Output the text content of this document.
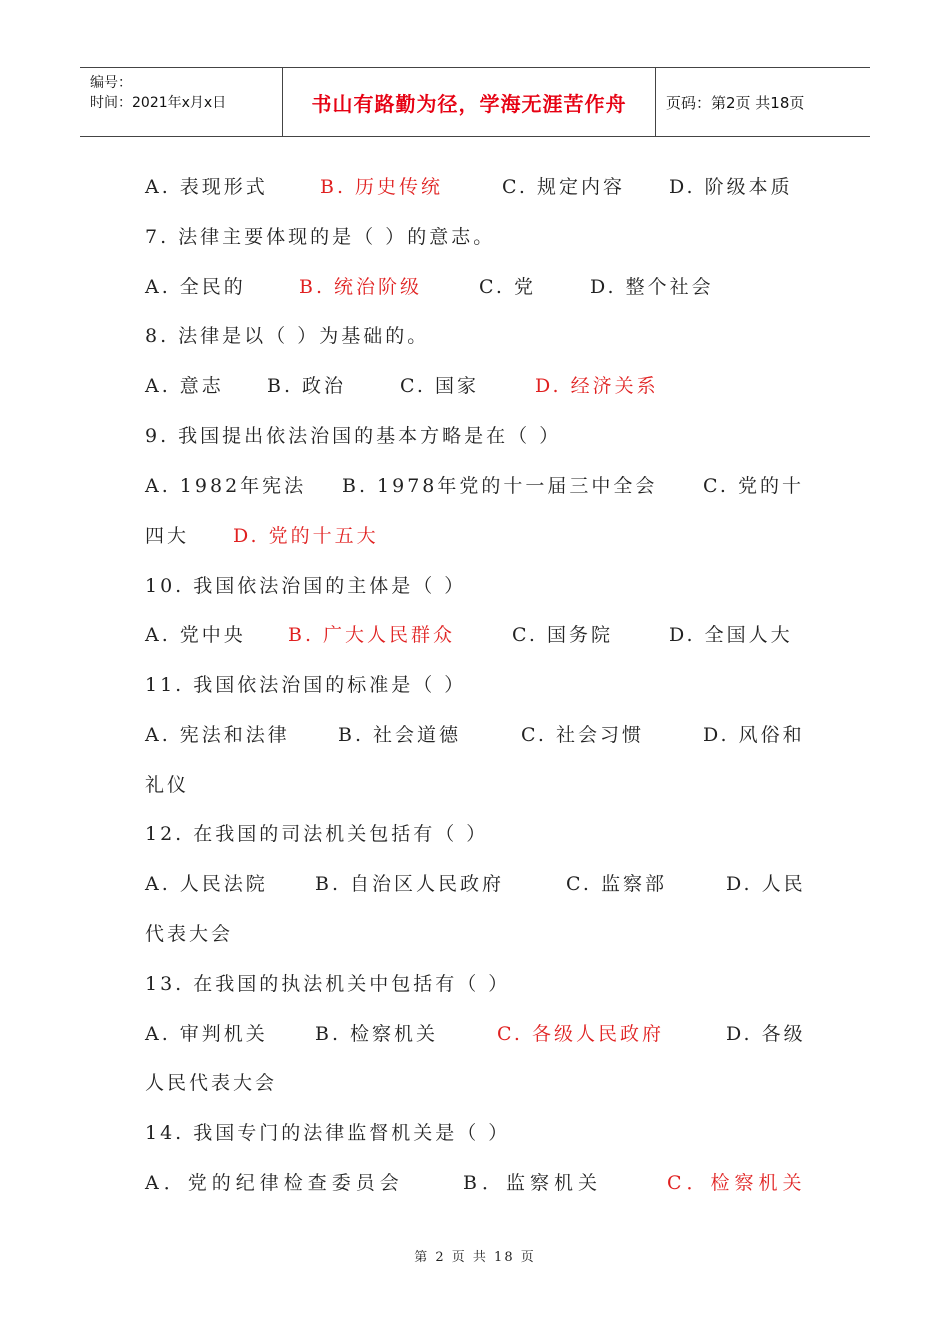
编号：
时间：2021年x月x日	书山有路勤为径，学海无涯苦作舟	页码：第2页 共18页
A. 表现形式	B. 历史传统	C. 规定内容 D. 阶级本质
7. 法律主要体现的是（ ）的意志。
A. 全民的	B. 统治阶级	C. 党	D. 整个社会
8. 法律是以（ ）为基础的。
A. 意志 B. 政治	C. 国家	D. 经济关系
9. 我国提出依法治国的基本方略是在（ ）
A. 1982年宪法 B. 1978年党的十一届三中全会 C. 党的十
四大 D. 党的十五大
10. 我国依法治国的主体是（ ）
A. 党中央 B. 广大人民群众	C. 国务院	D. 全国人大
11. 我国依法治国的标准是（ ）
A. 宪法和法律	B. 社会道德	C. 社会习惯	D. 风俗和
礼仪
12. 在我国的司法机关包括有（ ）
A. 人民法院 B. 自治区人民政府	C. 监察部	D. 人民
代表大会
13. 在我国的执法机关中包括有（ ）
A. 审判机关 B. 检察机关	C. 各级人民政府	D. 各级
人民代表大会
14. 我国专门的法律监督机关是（ ）
A．党的纪律检查委员会	B．监察机关	C．检察机关
第 2 页 共 18 页
